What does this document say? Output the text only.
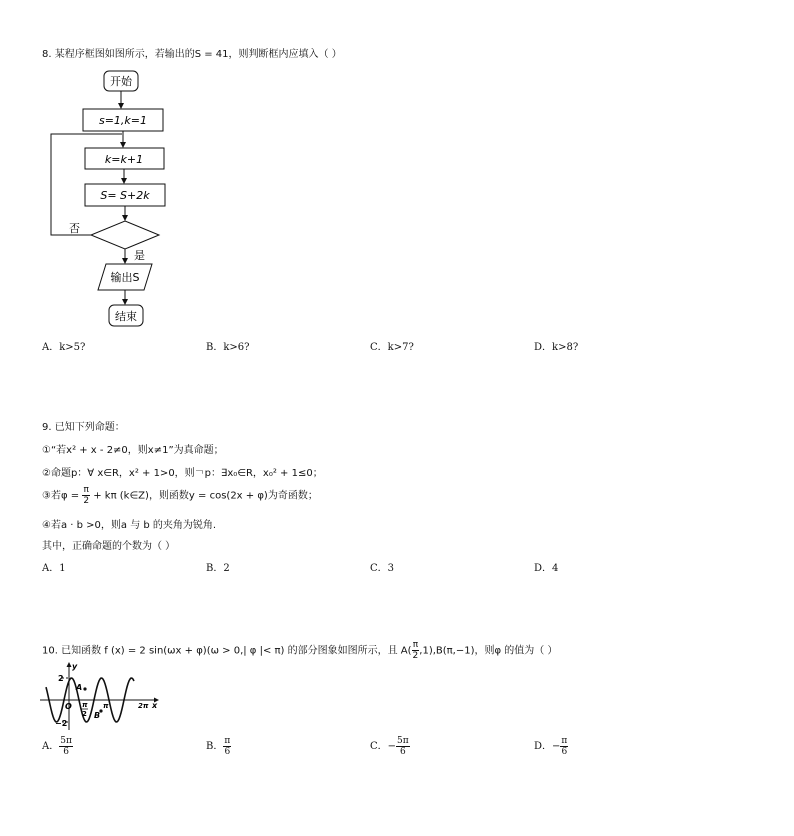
8. 某程序框图如图所示，若输出的S = 41，则判断框内应填入（ ）
开始
s=1,k=1
k=k+1
S= S+2k
否
是
输出S
结束
A．k>5?	B．k>6?	C．k>7?	D．k>8?
9. 已知下列命题：
①“若x² + x - 2≠0，则x≠1”为真命题；
②命题p：∀ x∈R，x² + 1>0，则￢p：∃x₀∈R，x₀² + 1≤0；
③若$\varphi = \frac{\pi}{2} + k\pi$ (k∈Z)，则函数y = cos(2x + φ)为奇函数；
④若a · b >0，则a 与 b 的夹角为锐角.
其中，正确命题的个数为（ ）
A．1	B．2	C．3	D．4
10. 已知函数 f (x) = 2 sin(ωx + φ)(ω > 0,| φ |< π) 的部分图象如图所示，且 $A( \frac{\pi}{2} ,1),B(\pi,-1)$，则φ 的值为（ ）
y
x
O
2
−2
A
B
π
2
π	2π
A． $\frac{5\pi}{6}$	B． $\frac{\pi}{6}$	C．− $\frac{5\pi}{6}$	D．− $\frac{\pi}{6}$
